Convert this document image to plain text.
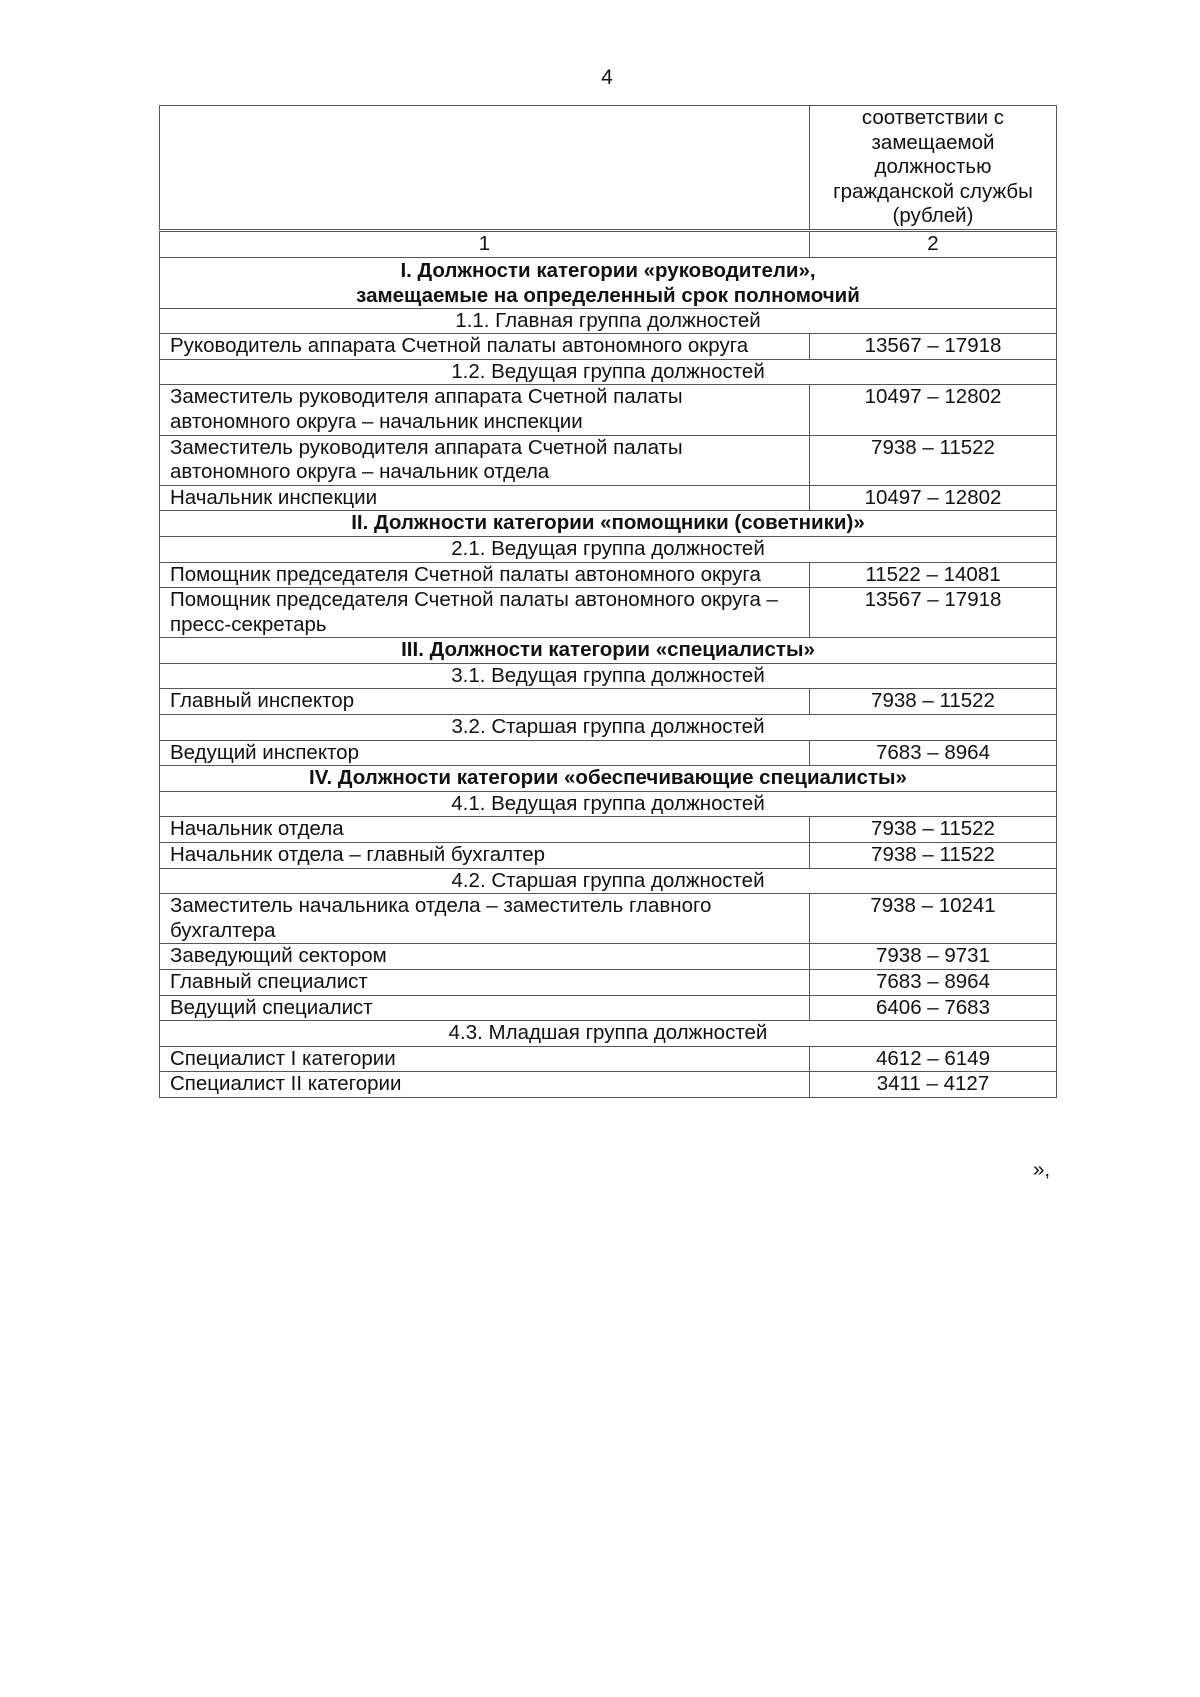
4
	соответствии с замещаемой должностью гражданской службы (рублей)
1	2
I. Должности категории «руководители»,
замещаемые на определенный срок полномочий	
1.1. Главная группа должностей	
Руководитель аппарата Счетной палаты автономного округа	13567 – 17918
1.2. Ведущая группа должностей	
Заместитель руководителя аппарата Счетной палаты автономного округа – начальник инспекции	10497 – 12802
Заместитель руководителя аппарата Счетной палаты автономного округа – начальник отдела	7938 – 11522
Начальник инспекции	10497 – 12802
II. Должности категории «помощники (советники)»	
2.1. Ведущая группа должностей	
Помощник председателя Счетной палаты автономного округа	11522 – 14081
Помощник председателя Счетной палаты автономного округа – пресс-секретарь	13567 – 17918
III. Должности категории «специалисты»	
3.1. Ведущая группа должностей	
Главный инспектор	7938 – 11522
3.2. Старшая группа должностей	
Ведущий инспектор	7683 – 8964
IV. Должности категории «обеспечивающие специалисты»	
4.1. Ведущая группа должностей	
Начальник отдела	7938 – 11522
Начальник отдела – главный бухгалтер	7938 – 11522
4.2. Старшая группа должностей	
Заместитель начальника отдела – заместитель главного бухгалтера	7938 – 10241
Заведующий сектором	7938 – 9731
Главный специалист	7683 – 8964
Ведущий специалист	6406 – 7683
4.3. Младшая группа должностей	
Специалист I категории	4612 – 6149
Специалист II категории	3411 – 4127
»,
